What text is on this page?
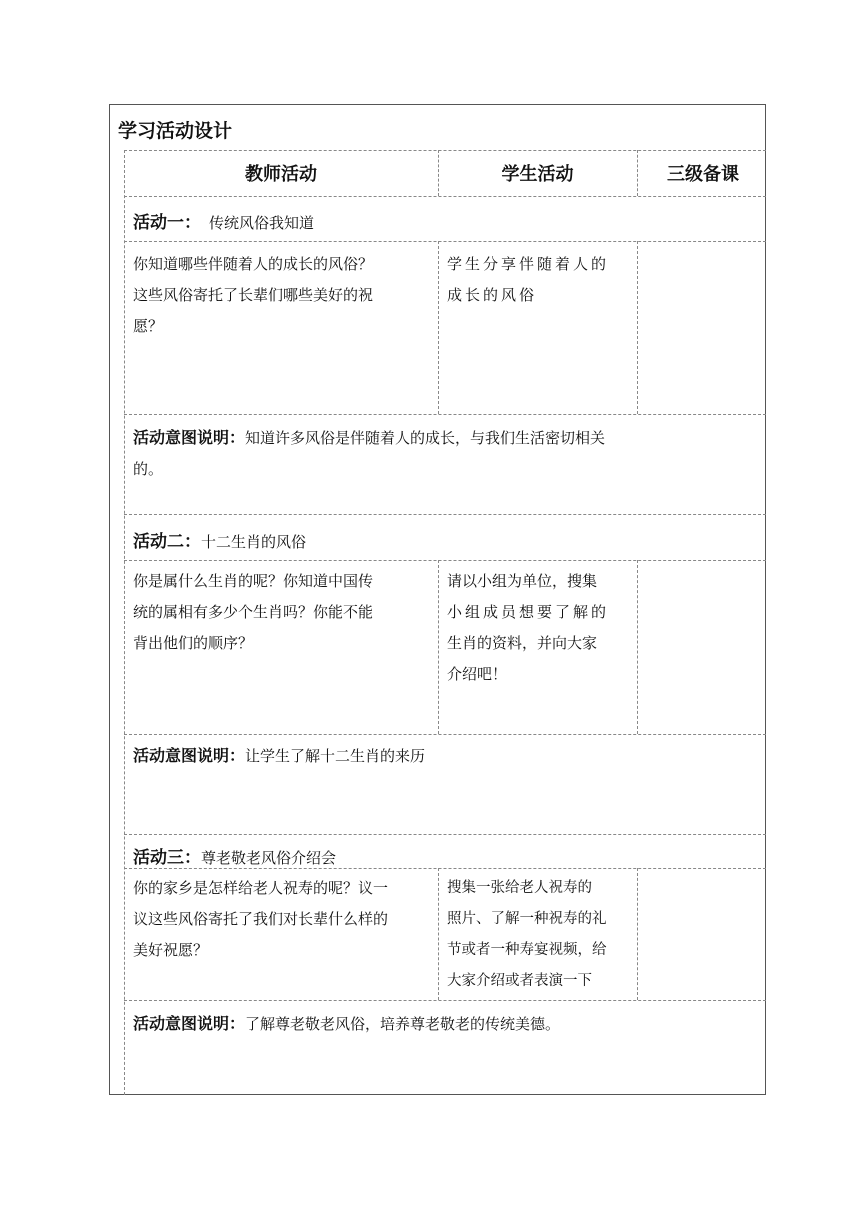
学习活动设计
教师活动	学生活动	三级备课
活动一： 传统风俗我知道
你知道哪些伴随着人的成长的风俗？
这些风俗寄托了长辈们哪些美好的祝
愿？
学生分享伴随着人的
成长的风俗
活动意图说明：知道许多风俗是伴随着人的成长，与我们生活密切相关
的。
活动二：十二生肖的风俗
你是属什么生肖的呢？你知道中国传
统的属相有多少个生肖吗？你能不能
背出他们的顺序？
请以小组为单位，搜集
小组成员想要了解的
生肖的资料，并向大家
介绍吧！
活动意图说明：让学生了解十二生肖的来历
活动三：尊老敬老风俗介绍会
你的家乡是怎样给老人祝寿的呢？议一
议这些风俗寄托了我们对长辈什么样的
美好祝愿？
搜集一张给老人祝寿的
照片、了解一种祝寿的礼
节或者一种寿宴视频，给
大家介绍或者表演一下
活动意图说明：了解尊老敬老风俗，培养尊老敬老的传统美德。
